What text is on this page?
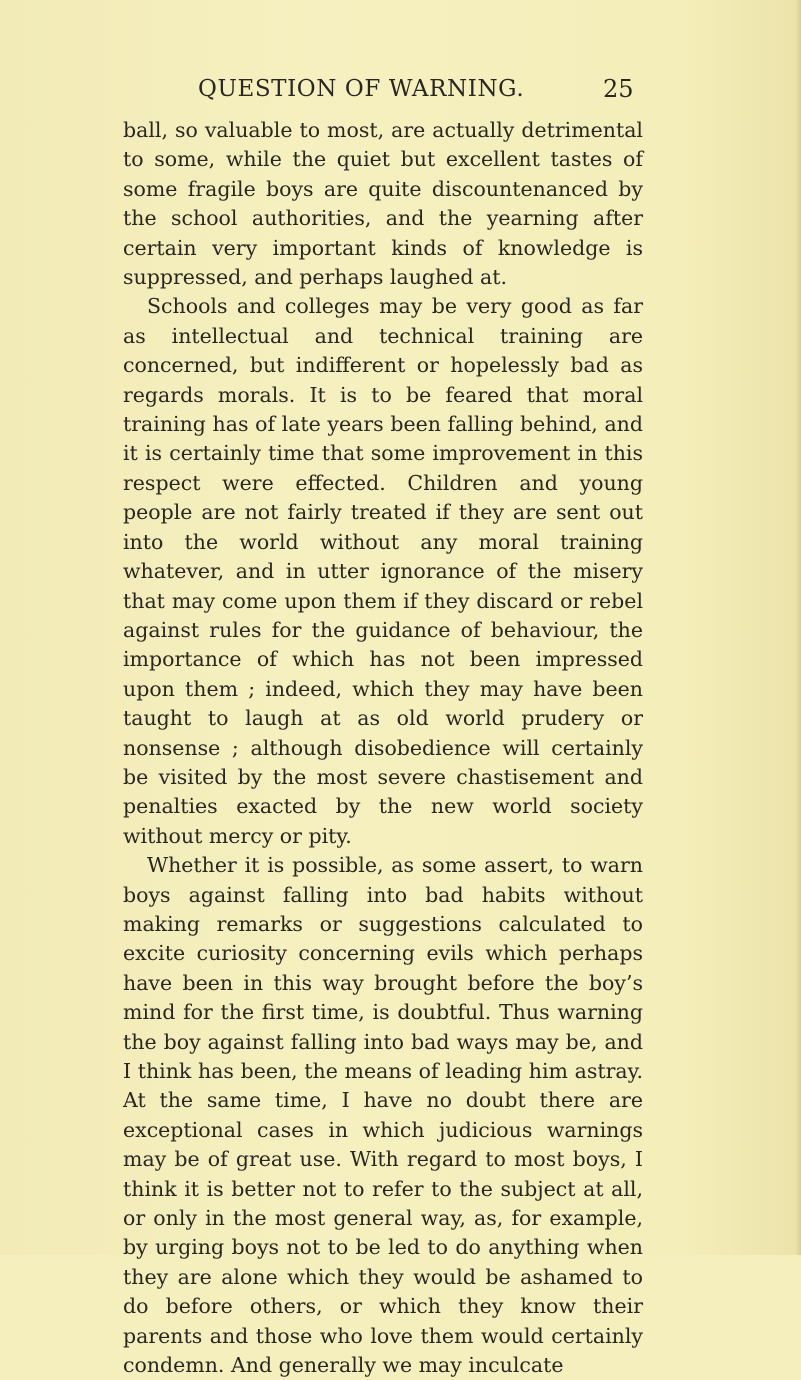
QUESTION OF WARNING.	25

ball, so valuable to most, are actually detrimental to some, while the quiet but excellent tastes of some fragile boys are quite discountenanced by the school authorities, and the yearning after certain very important kinds of knowledge is suppressed, and perhaps laughed at.

Schools and colleges may be very good as far as intellectual and technical training are concerned, but indifferent or hopelessly bad as regards morals. It is to be feared that moral training has of late years been falling behind, and it is certainly time that some improvement in this respect were effected. Children and young people are not fairly treated if they are sent out into the world without any moral training whatever, and in utter ignorance of the misery that may come upon them if they discard or rebel against rules for the guidance of behaviour, the importance of which has not been impressed upon them ; indeed, which they may have been taught to laugh at as old world prudery or nonsense ; although disobedience will certainly be visited by the most severe chastisement and penalties exacted by the new world society without mercy or pity.

Whether it is possible, as some assert, to warn boys against falling into bad habits without making remarks or suggestions calculated to excite curiosity concerning evils which perhaps have been in this way brought before the boy’s mind for the first time, is doubtful. Thus warning the boy against falling into bad ways may be, and I think has been, the means of leading him astray. At the same time, I have no doubt there are exceptional cases in which judicious warnings may be of great use. With regard to most boys, I think it is better not to refer to the subject at all, or only in the most general way, as, for example, by urging boys not to be led to do anything when they are alone which they would be ashamed to do before others, or which they know their parents and those who love them would certainly condemn. And generally we may inculcate
